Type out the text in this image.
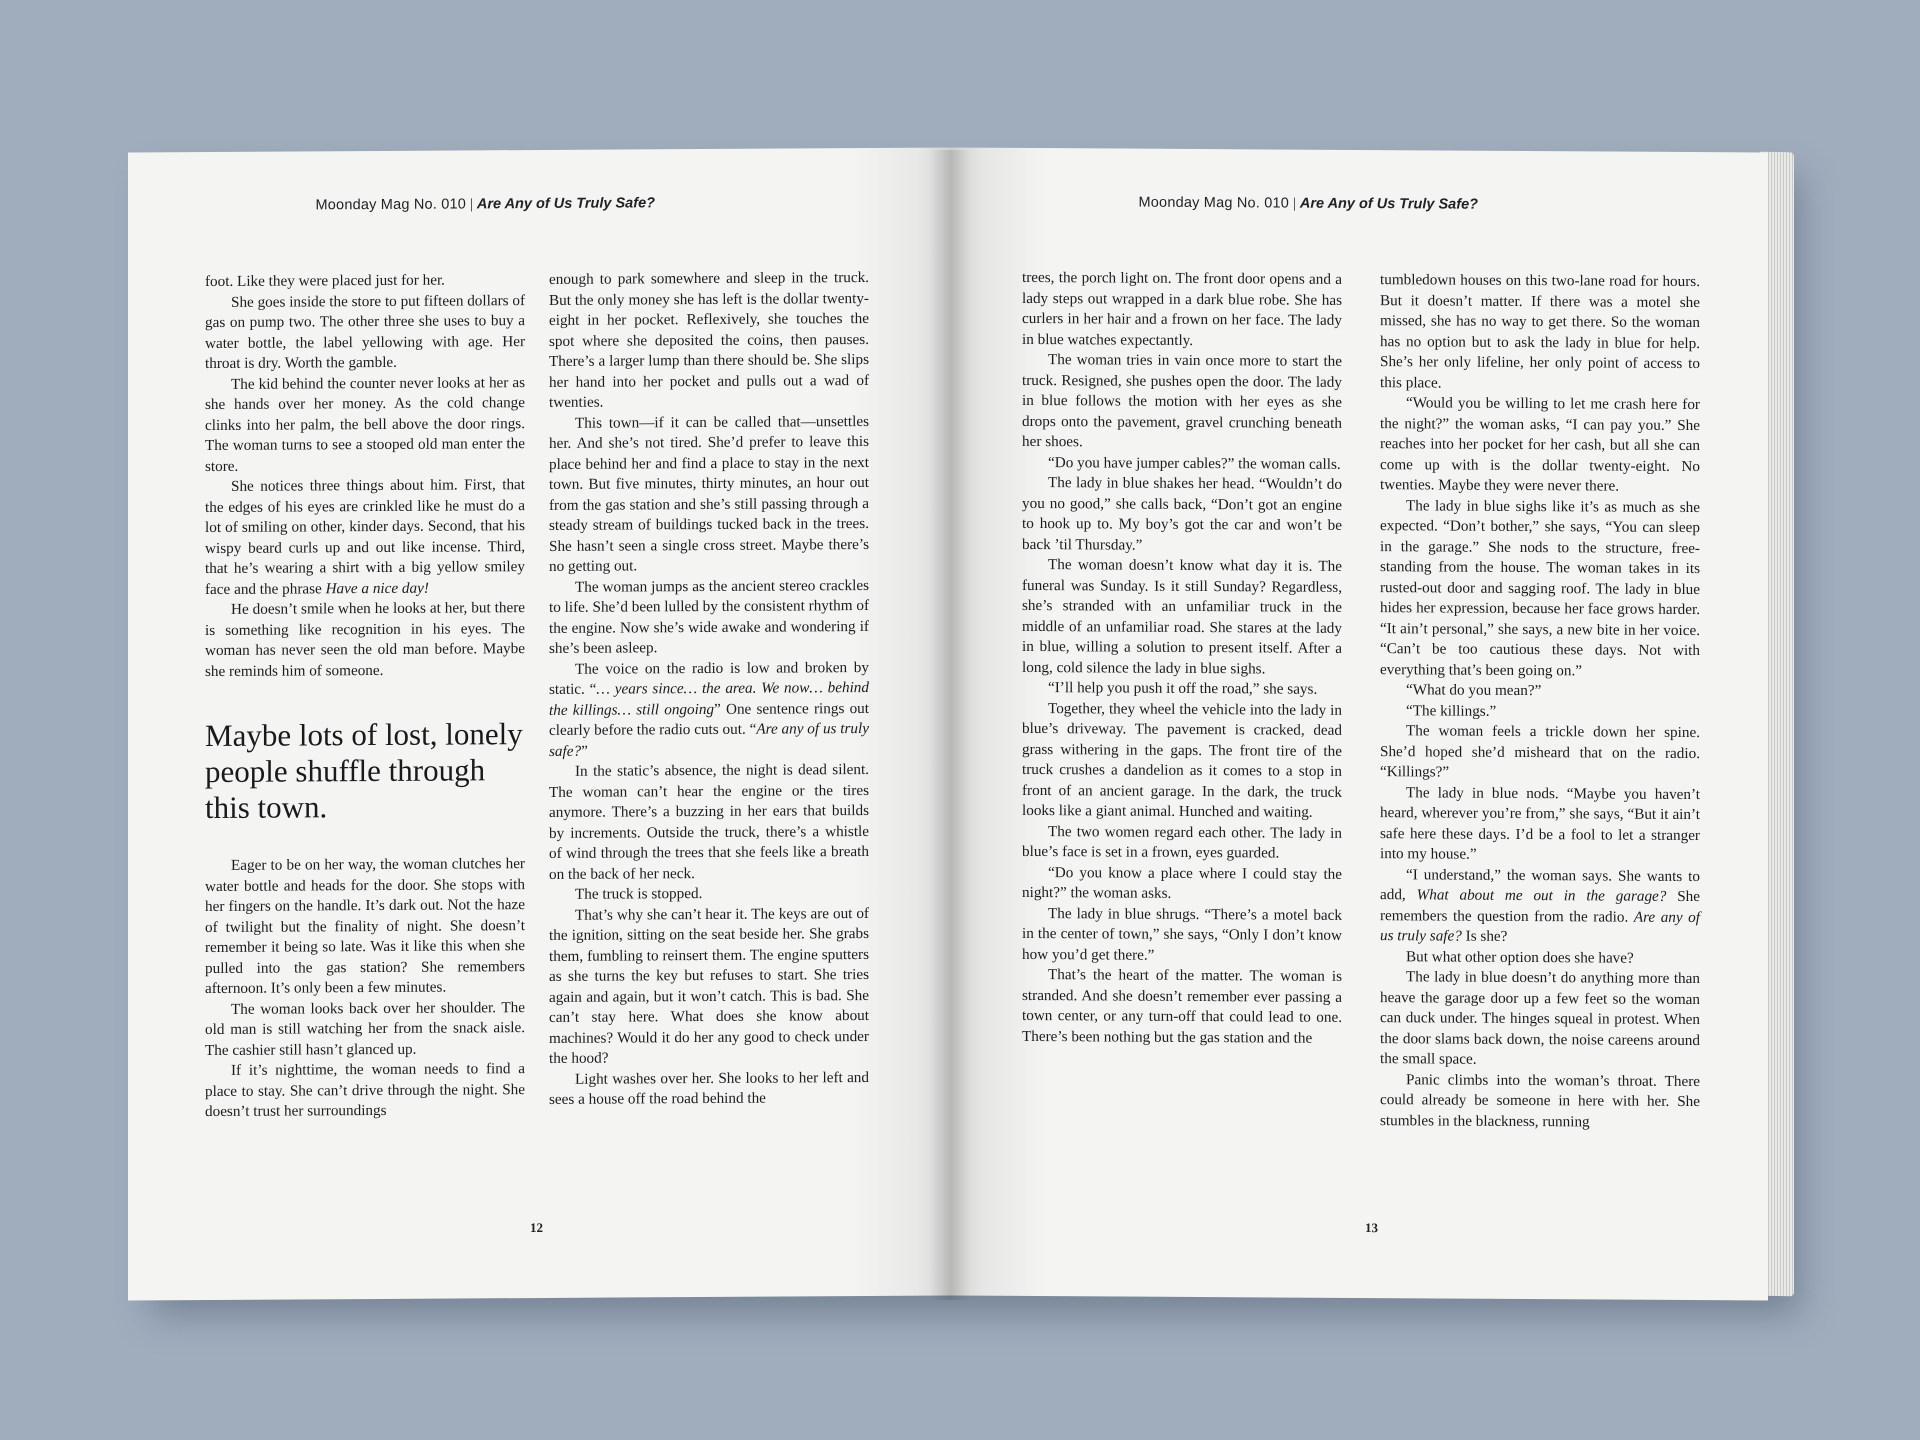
Moonday Mag No. 010 | Are Any of Us Truly Safe?

foot. Like they were placed just for her.

She goes inside the store to put fifteen dollars of gas on pump two. The other three she uses to buy a water bottle, the label yellowing with age. Her throat is dry. Worth the gamble.

The kid behind the counter never looks at her as she hands over her money. As the cold change clinks into her palm, the bell above the door rings. The woman turns to see a stooped old man enter the store.

She notices three things about him. First, that the edges of his eyes are crinkled like he must do a lot of smiling on other, kinder days. Second, that his wispy beard curls up and out like incense. Third, that he’s wearing a shirt with a big yellow smiley face and the phrase Have a nice day!

He doesn’t smile when he looks at her, but there is something like recognition in his eyes. The woman has never seen the old man before. Maybe she reminds him of someone.

Maybe lots of lost, lonely people shuffle through this town.

Eager to be on her way, the woman clutches her water bottle and heads for the door. She stops with her fingers on the handle. It’s dark out. Not the haze of twilight but the finality of night. She doesn’t remember it being so late. Was it like this when she pulled into the gas station? She remembers afternoon. It’s only been a few minutes.

The woman looks back over her shoulder. The old man is still watching her from the snack aisle. The cashier still hasn’t glanced up.

If it’s nighttime, the woman needs to find a place to stay. She can’t drive through the night. She doesn’t trust her surroundings

enough to park somewhere and sleep in the truck. But the only money she has left is the dollar twenty-eight in her pocket. Reflexively, she touches the spot where she deposited the coins, then pauses. There’s a larger lump than there should be. She slips her hand into her pocket and pulls out a wad of twenties.

This town—if it can be called that—unsettles her. And she’s not tired. She’d prefer to leave this place behind her and find a place to stay in the next town. But five minutes, thirty minutes, an hour out from the gas station and she’s still passing through a steady stream of buildings tucked back in the trees. She hasn’t seen a single cross street. Maybe there’s no getting out.

The woman jumps as the ancient stereo crackles to life. She’d been lulled by the consistent rhythm of the engine. Now she’s wide awake and wondering if she’s been asleep.

The voice on the radio is low and broken by static. “… years since… the area. We now… behind the killings… still ongoing” One sentence rings out clearly before the radio cuts out. “Are any of us truly safe?”

In the static’s absence, the night is dead silent. The woman can’t hear the engine or the tires anymore. There’s a buzzing in her ears that builds by increments. Outside the truck, there’s a whistle of wind through the trees that she feels like a breath on the back of her neck.

The truck is stopped.

That’s why she can’t hear it. The keys are out of the ignition, sitting on the seat beside her. She grabs them, fumbling to reinsert them. The engine sputters as she turns the key but refuses to start. She tries again and again, but it won’t catch. This is bad. She can’t stay here. What does she know about machines? Would it do her any good to check under the hood?

Light washes over her. She looks to her left and sees a house off the road behind the

12
Moonday Mag No. 010 | Are Any of Us Truly Safe?

trees, the porch light on. The front door opens and a lady steps out wrapped in a dark blue robe. She has curlers in her hair and a frown on her face. The lady in blue watches expectantly.

The woman tries in vain once more to start the truck. Resigned, she pushes open the door. The lady in blue follows the motion with her eyes as she drops onto the pavement, gravel crunching beneath her shoes.

“Do you have jumper cables?” the woman calls.

The lady in blue shakes her head. “Wouldn’t do you no good,” she calls back, “Don’t got an engine to hook up to. My boy’s got the car and won’t be back ’til Thursday.”

The woman doesn’t know what day it is. The funeral was Sunday. Is it still Sunday? Regardless, she’s stranded with an unfamiliar truck in the middle of an unfamiliar road. She stares at the lady in blue, willing a solution to present itself. After a long, cold silence the lady in blue sighs.

“I’ll help you push it off the road,” she says.

Together, they wheel the vehicle into the lady in blue’s driveway. The pavement is cracked, dead grass withering in the gaps. The front tire of the truck crushes a dandelion as it comes to a stop in front of an ancient garage. In the dark, the truck looks like a giant animal. Hunched and waiting.

The two women regard each other. The lady in blue’s face is set in a frown, eyes guarded.

“Do you know a place where I could stay the night?” the woman asks.

The lady in blue shrugs. “There’s a motel back in the center of town,” she says, “Only I don’t know how you’d get there.”

That’s the heart of the matter. The woman is stranded. And she doesn’t remember ever passing a town center, or any turn-off that could lead to one. There’s been nothing but the gas station and the

tumbledown houses on this two-lane road for hours. But it doesn’t matter. If there was a motel she missed, she has no way to get there. So the woman has no option but to ask the lady in blue for help. She’s her only lifeline, her only point of access to this place.

“Would you be willing to let me crash here for the night?” the woman asks, “I can pay you.” She reaches into her pocket for her cash, but all she can come up with is the dollar twenty-eight. No twenties. Maybe they were never there.

The lady in blue sighs like it’s as much as she expected. “Don’t bother,” she says, “You can sleep in the garage.” She nods to the structure, free-standing from the house. The woman takes in its rusted-out door and sagging roof. The lady in blue hides her expression, because her face grows harder. “It ain’t personal,” she says, a new bite in her voice. “Can’t be too cautious these days. Not with everything that’s been going on.”

“What do you mean?”

“The killings.”

The woman feels a trickle down her spine. She’d hoped she’d misheard that on the radio. “Killings?”

The lady in blue nods. “Maybe you haven’t heard, wherever you’re from,” she says, “But it ain’t safe here these days. I’d be a fool to let a stranger into my house.”

“I understand,” the woman says. She wants to add, What about me out in the garage? She remembers the question from the radio. Are any of us truly safe? Is she?

But what other option does she have?

The lady in blue doesn’t do anything more than heave the garage door up a few feet so the woman can duck under. The hinges squeal in protest. When the door slams back down, the noise careens around the small space.

Panic climbs into the woman’s throat. There could already be someone in here with her. She stumbles in the blackness, running

13
